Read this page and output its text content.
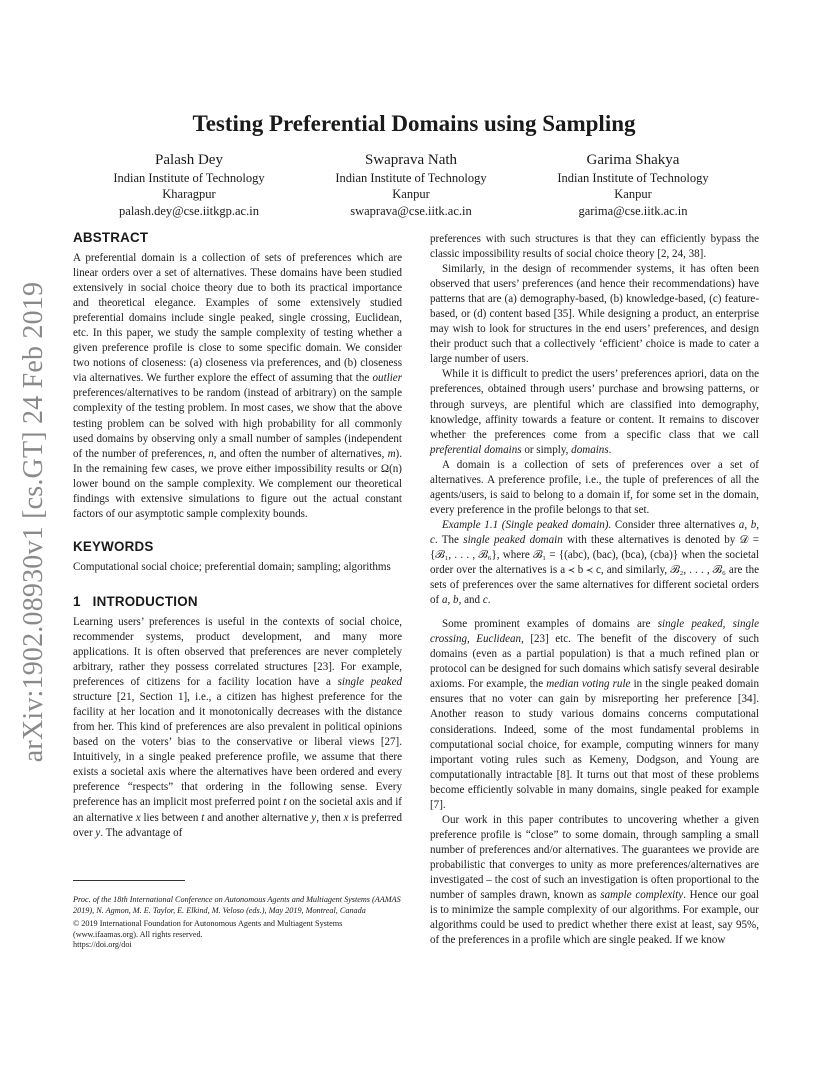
arXiv:1902.08930v1 [cs.GT] 24 Feb 2019
Testing Preferential Domains using Sampling
Palash Dey
Indian Institute of Technology
Kharagpur
palash.dey@cse.iitkgp.ac.in
Swaprava Nath
Indian Institute of Technology
Kanpur
swaprava@cse.iitk.ac.in
Garima Shakya
Indian Institute of Technology
Kanpur
garima@cse.iitk.ac.in
ABSTRACT

A preferential domain is a collection of sets of preferences which are linear orders over a set of alternatives. These domains have been studied extensively in social choice theory due to both its practical importance and theoretical elegance. Examples of some extensively studied preferential domains include single peaked, single crossing, Euclidean, etc. In this paper, we study the sample complexity of testing whether a given preference profile is close to some specific domain. We consider two notions of closeness: (a) closeness via preferences, and (b) closeness via alternatives. We further explore the effect of assuming that the outlier preferences/alternatives to be random (instead of arbitrary) on the sample complexity of the testing problem. In most cases, we show that the above testing problem can be solved with high probability for all commonly used domains by observing only a small number of samples (independent of the number of preferences, n, and often the number of alternatives, m). In the remaining few cases, we prove either impossibility results or Ω(n) lower bound on the sample complexity. We complement our theoretical findings with extensive simulations to figure out the actual constant factors of our asymptotic sample complexity bounds.

KEYWORDS

Computational social choice; preferential domain; sampling; algorithms

1 INTRODUCTION

Learning users’ preferences is useful in the contexts of social choice, recommender systems, product development, and many more applications. It is often observed that preferences are never completely arbitrary, rather they possess correlated structures [23]. For example, preferences of citizens for a facility location have a single peaked structure [21, Section 1], i.e., a citizen has highest preference for the facility at her location and it monotonically decreases with the distance from her. This kind of preferences are also prevalent in political opinions based on the voters’ bias to the conservative or liberal views [27]. Intuitively, in a single peaked preference profile, we assume that there exists a societal axis where the alternatives have been ordered and every preference “respects” that ordering in the following sense. Every preference has an implicit most preferred point t on the societal axis and if an alternative x lies between t and another alternative y, then x is preferred over y. The advantage of

Proc. of the 18th International Conference on Autonomous Agents and Multiagent Systems (AAMAS 2019), N. Agmon, M. E. Taylor, E. Elkind, M. Veloso (eds.), May 2019, Montreal, Canada

© 2019 International Foundation for Autonomous Agents and Multiagent Systems (www.ifaamas.org). All rights reserved.

https://doi.org/doi

preferences with such structures is that they can efficiently bypass the classic impossibility results of social choice theory [2, 24, 38].

Similarly, in the design of recommender systems, it has often been observed that users’ preferences (and hence their recommendations) have patterns that are (a) demography-based, (b) knowledge-based, (c) feature-based, or (d) content based [35]. While designing a product, an enterprise may wish to look for structures in the end users’ preferences, and design their product such that a collectively ‘efficient’ choice is made to cater a large number of users.

While it is difficult to predict the users’ preferences apriori, data on the preferences, obtained through users’ purchase and browsing patterns, or through surveys, are plentiful which are classified into demography, knowledge, affinity towards a feature or content. It remains to discover whether the preferences come from a specific class that we call preferential domains or simply, domains.

A domain is a collection of sets of preferences over a set of alternatives. A preference profile, i.e., the tuple of preferences of all the agents/users, is said to belong to a domain if, for some set in the domain, every preference in the profile belongs to that set.

Example 1.1 (Single peaked domain). Consider three alternatives a, b, c. The single peaked domain with these alternatives is denoted by 𝒟 = {ℬ₁, . . . , ℬ₆}, where ℬ₁ = {(abc), (bac), (bca), (cba)} when the societal order over the alternatives is a ≺ b ≺ c, and similarly, ℬ₂, . . . , ℬ₆ are the sets of preferences over the same alternatives for different societal orders of a, b, and c.

Some prominent examples of domains are single peaked, single crossing, Euclidean, [23] etc. The benefit of the discovery of such domains (even as a partial population) is that a much refined plan or protocol can be designed for such domains which satisfy several desirable axioms. For example, the median voting rule in the single peaked domain ensures that no voter can gain by misreporting her preference [34]. Another reason to study various domains concerns computational considerations. Indeed, some of the most fundamental problems in computational social choice, for example, computing winners for many important voting rules such as Kemeny, Dodgson, and Young are computationally intractable [8]. It turns out that most of these problems become efficiently solvable in many domains, single peaked for example [7].

Our work in this paper contributes to uncovering whether a given preference profile is “close” to some domain, through sampling a small number of preferences and/or alternatives. The guarantees we provide are probabilistic that converges to unity as more preferences/alternatives are investigated – the cost of such an investigation is often proportional to the number of samples drawn, known as sample complexity. Hence our goal is to minimize the sample complexity of our algorithms. For example, our algorithms could be used to predict whether there exist at least, say 95%, of the preferences in a profile which are single peaked. If we know
